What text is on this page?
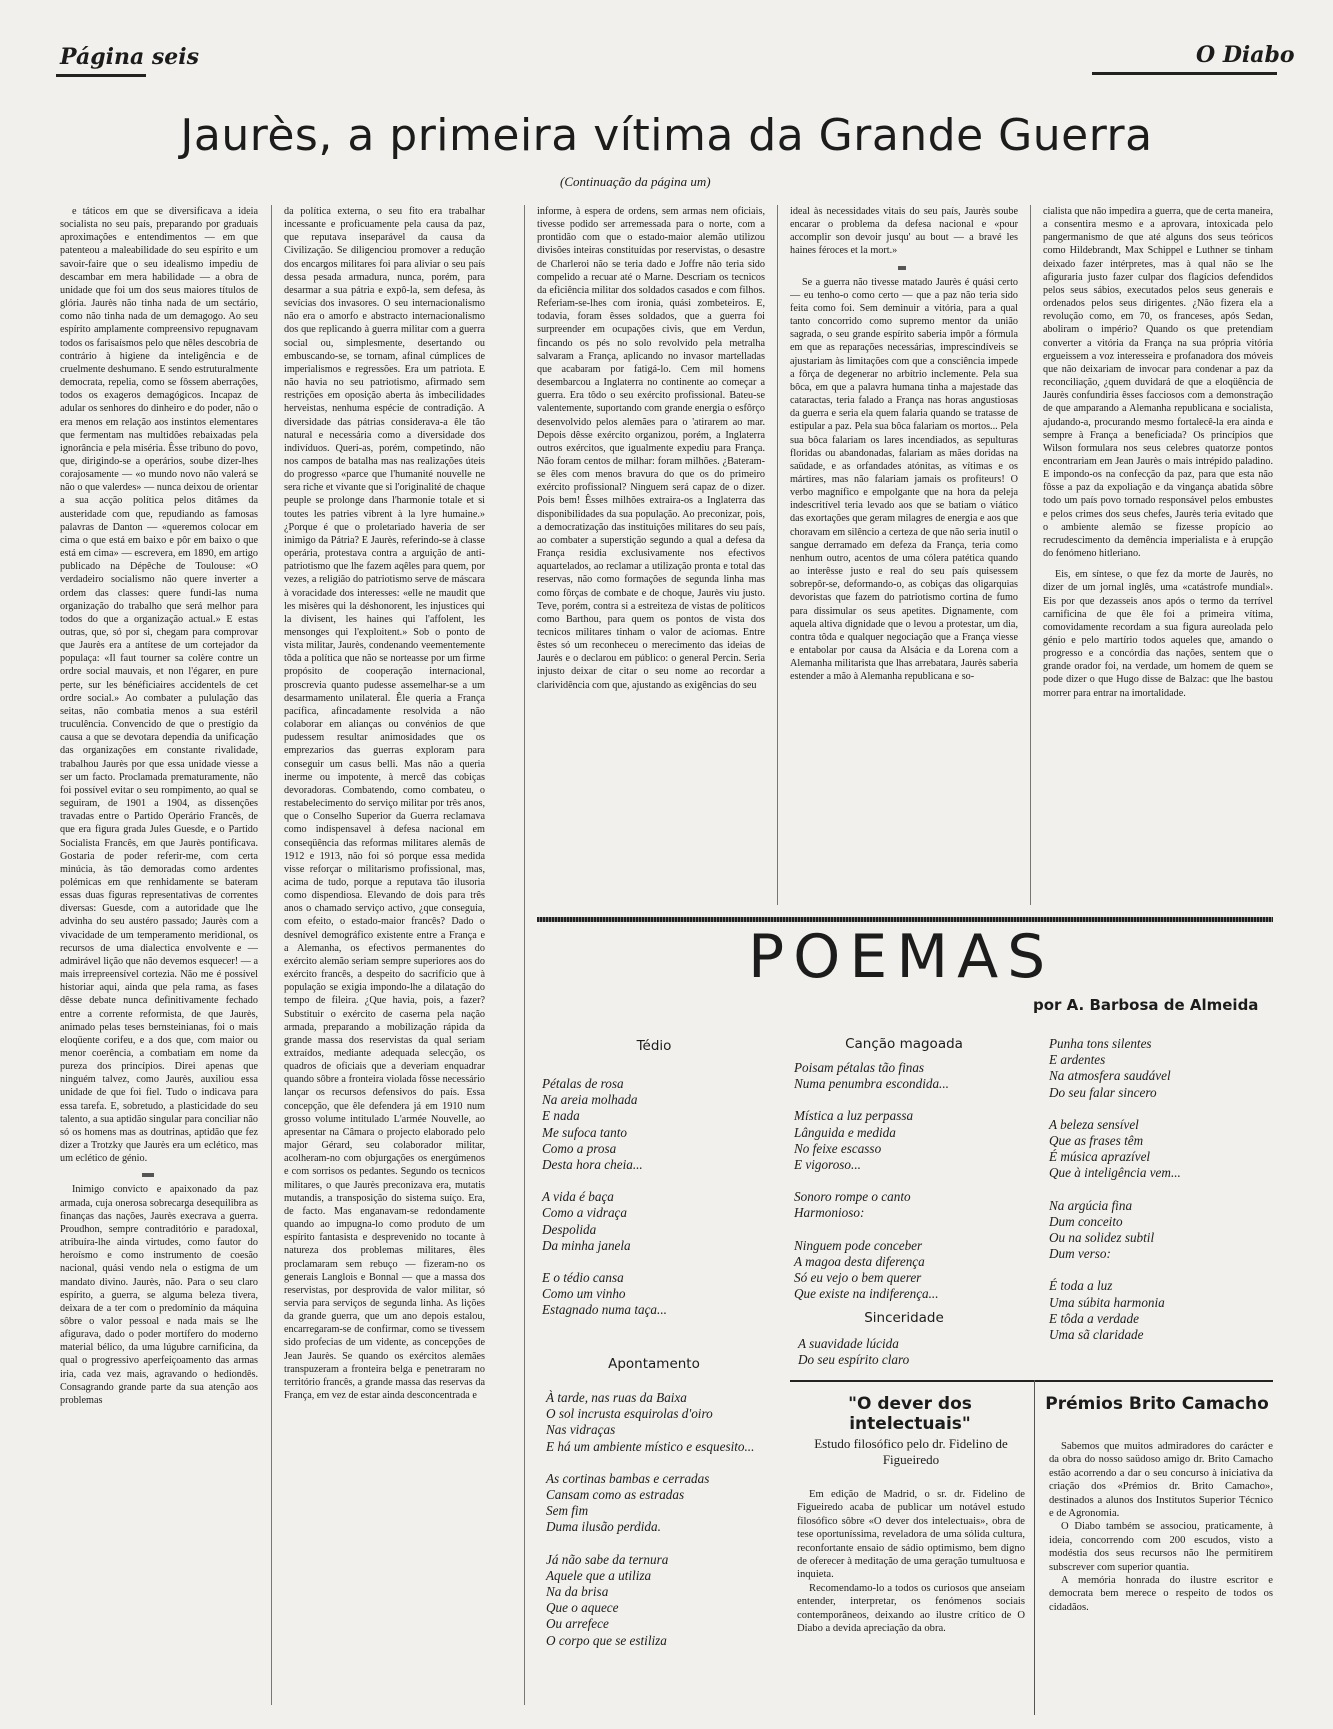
Página seis	O Diabo
Jaurès, a primeira vítima da Grande Guerra
(Continuação da página um)

e táticos em que se diversificava a ideia socialista no seu país, preparando por graduais aproximações e entendimentos — em que patenteou a maleabilidade do seu espírito e um savoir-faire que o seu idealismo impediu de descambar em mera habilidade — a obra de unidade que foi um dos seus maiores títulos de glória. Jaurès não tinha nada de um sectário, como não tinha nada de um demagogo. Ao seu espírito amplamente compreensivo repugnavam todos os farisaísmos pelo que nêles descobria de contrário à higiene da inteligência e de cruelmente deshumano. E sendo estruturalmente democrata, repelia, como se fôssem aberrações, todos os exageros demagógicos. Incapaz de adular os senhores do dinheiro e do poder, não o era menos em relação aos instintos elementares que fermentam nas multidões rebaixadas pela ignorância e pela miséria. Êsse tribuno do povo, que, dirigindo-se a operários, soube dizer-lhes corajosamente — «o mundo novo não valerá se não o que valerdes» — nunca deixou de orientar a sua acção política pelos ditâmes da austeridade com que, repudiando as famosas palavras de Danton — «queremos colocar em cima o que está em baixo e pôr em baixo o que está em cima» — escrevera, em 1890, em artigo publicado na Dépêche de Toulouse: «O verdadeiro socialismo não quere inverter a ordem das classes: quere fundi-las numa organização do trabalho que será melhor para todos do que a organização actual.» E estas outras, que, só por si, chegam para comprovar que Jaurès era a antítese de um cortejador da populaça: «Il faut tourner sa colère contre un ordre social mauvais, et non l'égarer, en pure perte, sur les bénéficiaires accidentels de cet ordre social.» Ao combater a pululação das seitas, não combatia menos a sua estéril truculência. Convencido de que o prestígio da causa a que se devotara dependia da unificação das organizações em constante rivalidade, trabalhou Jaurès por que essa unidade viesse a ser um facto. Proclamada prematuramente, não foi possível evitar o seu rompimento, ao qual se seguiram, de 1901 a 1904, as dissenções travadas entre o Partido Operário Francês, de que era figura grada Jules Guesde, e o Partido Socialista Francês, em que Jaurès pontificava. Gostaria de poder referir-me, com certa minúcia, às tão demoradas como ardentes polémicas em que renhidamente se bateram essas duas figuras representativas de correntes diversas: Guesde, com a autoridade que lhe advinha do seu austéro passado; Jaurès com a vivacidade de um temperamento meridional, os recursos de uma dialectica envolvente e — admirável lição que não devemos esquecer! — a mais irrepreensível cortezia. Não me é possível historiar aqui, ainda que pela rama, as fases dêsse debate nunca definitivamente fechado entre a corrente reformista, de que Jaurès, animado pelas teses bernsteinianas, foi o mais eloqüente corifeu, e a dos que, com maior ou menor coerência, a combatiam em nome da pureza dos princípios. Direi apenas que ninguém talvez, como Jaurès, auxiliou essa unidade de que foi fiel. Tudo o indicava para essa tarefa. E, sobretudo, a plasticidade do seu talento, a sua aptidão singular para conciliar não só os homens mas as doutrinas, aptidão que fez dizer a Trotzky que Jaurès era um eclético, mas um eclético de génio.

Inimigo convicto e apaixonado da paz armada, cuja onerosa sobrecarga desequilibra as finanças das nações, Jaurès execrava a guerra. Proudhon, sempre contraditório e paradoxal, atribuíra-lhe ainda virtudes, como fautor do heroísmo e como instrumento de coesão nacional, quási vendo nela o estigma de um mandato divino. Jaurès, não. Para o seu claro espírito, a guerra, se alguma beleza tivera, deixara de a ter com o predomínio da máquina sôbre o valor pessoal e nada mais se lhe afigurava, dado o poder mortífero do moderno material bélico, da uma lúgubre carnificina, da qual o progressivo aperfeiçoamento das armas iria, cada vez mais, agravando o hediondês. Consagrando grande parte da sua atenção aos problemas

da política externa, o seu fito era trabalhar incessante e proficuamente pela causa da paz, que reputava inseparável da causa da Civilização. Se diligenciou promover a redução dos encargos militares foi para aliviar o seu país dessa pesada armadura, nunca, porém, para desarmar a sua pátria e expô-la, sem defesa, às sevícias dos invasores. O seu internacionalismo não era o amorfo e abstracto internacionalismo dos que replicando à guerra militar com a guerra social ou, simplesmente, desertando ou embuscando-se, se tornam, afinal cúmplices de imperialismos e regressões. Era um patriota. E não havia no seu patriotismo, afirmado sem restrições em oposição aberta às imbecilidades herveistas, nenhuma espécie de contradição. A diversidade das pátrias considerava-a êle tão natural e necessária como a diversidade dos indivíduos. Queri-as, porém, competindo, não nos campos de batalha mas nas realizações úteis do progresso «parce que l'humanité nouvelle ne sera riche et vivante que si l'originalité de chaque peuple se prolonge dans l'harmonie totale et si toutes les patries vibrent à la lyre humaine.» ¿Porque é que o proletariado haveria de ser inimigo da Pátria? E Jaurès, referindo-se à classe operária, protestava contra a arguição de anti-patriotismo que lhe fazem aqêles para quem, por vezes, a religião do patriotismo serve de máscara à voracidade dos interesses: «elle ne maudit que les misères qui la déshonorent, les injustices qui la divisent, les haines qui l'affolent, les mensonges qui l'exploitent.» Sob o ponto de vista militar, Jaurès, condenando veementemente tôda a política que não se norteasse por um firme propósito de cooperação internacional, proscrevia quanto pudesse assemelhar-se a um desarmamento unilateral. Êle queria a França pacífica, afincadamente resolvida a não colaborar em alianças ou convénios de que pudessem resultar animosidades que os emprezarios das guerras exploram para conseguir um casus belli. Mas não a queria inerme ou impotente, à mercê das cobiças devoradoras. Combatendo, como combateu, o restabelecimento do serviço militar por três anos, que o Conselho Superior da Guerra reclamava como indispensavel à defesa nacional em conseqüência das reformas militares alemãs de 1912 e 1913, não foi só porque essa medida visse reforçar o militarismo profissional, mas, acima de tudo, porque a reputava tão ilusoria como dispendiosa. Elevando de dois para três anos o chamado serviço activo, ¿que conseguia, com efeito, o estado-maior francês? Dado o desnível demográfico existente entre a França e a Alemanha, os efectivos permanentes do exército alemão seriam sempre superiores aos do exército francês, a despeito do sacrifício que à população se exigia impondo-lhe a dilatação do tempo de fileira. ¿Que havia, pois, a fazer? Substituir o exército de caserna pela nação armada, preparando a mobilização rápida da grande massa dos reservistas da qual seriam extraídos, mediante adequada selecção, os quadros de oficiais que a deveriam enquadrar quando sôbre a fronteira violada fôsse necessário lançar os recursos defensivos do país. Essa concepção, que êle defendera já em 1910 num grosso volume intitulado L'armée Nouvelle, ao apresentar na Câmara o projecto elaborado pelo major Gérard, seu colaborador militar, acolheram-no com objurgações os energúmenos e com sorrisos os pedantes. Segundo os tecnicos militares, o que Jaurès preconizava era, mutatis mutandis, a transposição do sistema suíço. Era, de facto. Mas enganavam-se redondamente quando ao impugna-lo como produto de um espírito fantasista e desprevenido no tocante à natureza dos problemas militares, êles proclamaram sem rebuço — fizeram-no os generais Langlois e Bonnal — que a massa dos reservistas, por desprovida de valor militar, só servia para serviços de segunda linha. As lições da grande guerra, que um ano depois estalou, encarregaram-se de confirmar, como se tivessem sido profecias de um vidente, as concepções de Jean Jaurès. Se quando os exércitos alemães transpuzeram a fronteira belga e penetraram no território francês, a grande massa das reservas da França, em vez de estar ainda desconcentrada e

informe, à espera de ordens, sem armas nem oficiais, tivesse podido ser arremessada para o norte, com a prontidão com que o estado-maior alemão utilizou divisões inteiras constituídas por reservistas, o desastre de Charleroi não se teria dado e Joffre não teria sido compelido a recuar até o Marne. Descriam os tecnicos da eficiência militar dos soldados casados e com filhos. Referiam-se-lhes com ironia, quási zombeteiros. E, todavia, foram êsses soldados, que a guerra foi surpreender em ocupações civis, que em Verdun, fincando os pés no solo revolvido pela metralha salvaram a França, aplicando no invasor martelladas que acabaram por fatigá-lo. Cem mil homens desembarcou a Inglaterra no continente ao começar a guerra. Era tôdo o seu exército profissional. Bateu-se valentemente, suportando com grande energia o esfôrço desenvolvido pelos alemães para o 'atirarem ao mar. Depois dêsse exército organizou, porém, a Inglaterra outros exércitos, que igualmente expediu para França. Não foram centos de milhar: foram milhões. ¿Bateram-se êles com menos bravura do que os do primeiro exército profissional? Ninguem será capaz de o dizer. Pois bem! Êsses milhões extraira-os a Inglaterra das disponibilidades da sua população. Ao preconizar, pois, a democratização das instituições militares do seu país, ao combater a superstição segundo a qual a defesa da França residia exclusivamente nos efectivos aquartelados, ao reclamar a utilização pronta e total das reservas, não como formações de segunda linha mas como fôrças de combate e de choque, Jaurès viu justo. Teve, porém, contra si a estreiteza de vistas de políticos como Barthou, para quem os pontos de vista dos tecnicos militares tinham o valor de aciomas. Entre êstes só um reconheceu o merecimento das ideias de Jaurès e o declarou em público: o general Percin. Seria injusto deixar de citar o seu nome ao recordar a clarividência com que, ajustando as exigências do seu

ideal às necessidades vitais do seu país, Jaurès soube encarar o problema da defesa nacional e «pour accomplir son devoir jusqu' au bout — a bravé les haines féroces et la mort.»

Se a guerra não tivesse matado Jaurès é quási certo — eu tenho-o como certo — que a paz não teria sido feita como foi. Sem deminuir a vitória, para a qual tanto concorrido como supremo mentor da união sagrada, o seu grande espírito saberia impôr a fórmula em que as reparações necessárias, imprescindíveis se ajustariam às limitações com que a consciência impede a fôrça de degenerar no arbítrio inclemente. Pela sua bôca, em que a palavra humana tinha a majestade das cataractas, teria falado a França nas horas angustiosas da guerra e seria ela quem falaria quando se tratasse de estipular a paz. Pela sua bôca falariam os mortos... Pela sua bôca falariam os lares incendiados, as sepulturas floridas ou abandonadas, falariam as mães doridas na saüdade, e as orfandades atónitas, as vítimas e os mártires, mas não falariam jamais os profiteurs! O verbo magnífico e empolgante que na hora da peleja indescritível teria levado aos que se batiam o viático das exortações que geram milagres de energia e aos que choravam em silêncio a certeza de que não seria inutil o sangue derramado em defeza da França, teria como nenhum outro, acentos de uma cólera patética quando ao interêsse justo e real do seu país quisessem sobrepôr-se, deformando-o, as cobiças das oligarquias devoristas que fazem do patriotismo cortina de fumo para dissimular os seus apetites. Dignamente, com aquela altiva dignidade que o levou a protestar, um dia, contra tôda e qualquer negociação que a França viesse e entabolar por causa da Alsácia e da Lorena com a Alemanha militarista que lhas arrebatara, Jaurès saberia estender a mão à Alemanha republicana e so-

cialista que não impedira a guerra, que de certa maneira, a consentira mesmo e a aprovara, intoxicada pelo pangermanismo de que até alguns dos seus teóricos como Hildebrandt, Max Schippel e Luthner se tinham deixado fazer intérpretes, mas à qual não se lhe afiguraria justo fazer culpar dos flagícios defendidos pelos seus sábios, executados pelos seus generais e ordenados pelos seus dirigentes. ¿Não fizera ela a revolução como, em 70, os franceses, após Sedan, aboliram o império? Quando os que pretendiam converter a vitória da França na sua própria vitória ergueissem a voz interesseira e profanadora dos móveis que não deixariam de invocar para condenar a paz da reconciliação, ¿quem duvidará de que a eloqüência de Jaurès confundiria êsses facciosos com a demonstração de que amparando a Alemanha republicana e socialista, ajudando-a, procurando mesmo fortalecê-la era ainda e sempre à França a beneficiada? Os princípios que Wilson formulara nos seus celebres quatorze pontos encontrariam em Jean Jaurès o mais intrépido paladino. E impondo-os na confecção da paz, para que esta não fôsse a paz da expoliação e da vingança abatida sôbre todo um país povo tornado responsável pelos embustes e pelos crimes dos seus chefes, Jaurès teria evitado que o ambiente alemão se fizesse propício ao recrudescimento da demência imperialista e à erupção do fenómeno hitleriano.

Eis, em síntese, o que fez da morte de Jaurès, no dizer de um jornal inglês, uma «catástrofe mundial». Eis por que dezasseis anos após o termo da terrível carnificina de que êle foi a primeira vítima, comovidamente recordam a sua figura aureolada pelo génio e pelo martírio todos aqueles que, amando o progresso e a concórdia das nações, sentem que o grande orador foi, na verdade, um homem de quem se pode dizer o que Hugo disse de Balzac: que lhe bastou morrer para entrar na imortalidade.

POEMAS
por A. Barbosa de Almeida
Tédio
Pétalas de rosa
Na areia molhada
E nada
Me sufoca tanto
Como a prosa
Desta hora cheia...
A vida é baça
Como a vidraça
Despolida
Da minha janela
E o tédio cansa
Como um vinho
Estagnado numa taça...
Apontamento
À tarde, nas ruas da Baixa
O sol incrusta esquirolas d'oiro
Nas vidraças
E há um ambiente místico e esquesito...
As cortinas bambas e cerradas
Cansam como as estradas
Sem fim
Duma ilusão perdida.
Já não sabe da ternura
Aquele que a utiliza
Na da brisa
Que o aquece
Ou arrefece
O corpo que se estiliza
Canção magoada
Poisam pétalas tão finas
Numa penumbra escondida...
Mística a luz perpassa
Lânguida e medida
No feixe escasso
E vigoroso...
Sonoro rompe o canto
Harmonioso:
Ninguem pode conceber
A magoa desta diferença
Só eu vejo o bem querer
Que existe na indiferença...
Sinceridade
A suavidade lúcida
Do seu espírito claro
Punha tons silentes
E ardentes
Na atmosfera saudável
Do seu falar sincero
A beleza sensível
Que as frases têm
É música aprazível
Que à inteligência vem...
Na argúcia fina
Dum conceito
Ou na solidez subtil
Dum verso:
É toda a luz
Uma súbita harmonia
E tôda a verdade
Uma sã claridade
"O dever dos intelectuais"
Estudo filosófico pelo dr. Fidelino de Figueiredo

Em edição de Madrid, o sr. dr. Fidelino de Figueiredo acaba de publicar um notável estudo filosófico sôbre «O dever dos intelectuais», obra de tese oportuníssima, reveladora de uma sólida cultura, reconfortante ensaio de sádio optimismo, bem digno de oferecer à meditação de uma geração tumultuosa e inquieta.

Recomendamo-lo a todos os curiosos que anseiam entender, interpretar, os fenómenos sociais contemporâneos, deixando ao ilustre crítico de O Diabo a devida apreciação da obra.

Prémios Brito Camacho

Sabemos que muitos admiradores do carácter e da obra do nosso saüdoso amigo dr. Brito Camacho estão acorrendo a dar o seu concurso à iniciativa da criação dos «Prémios dr. Brito Camacho», destinados a alunos dos Institutos Superior Técnico e de Agronomia.

O Diabo também se associou, praticamente, à ideia, concorrendo com 200 escudos, visto a modéstia dos seus recursos não lhe permitirem subscrever com superior quantia.

A memória honrada do ilustre escritor e democrata bem merece o respeito de todos os cidadãos.
